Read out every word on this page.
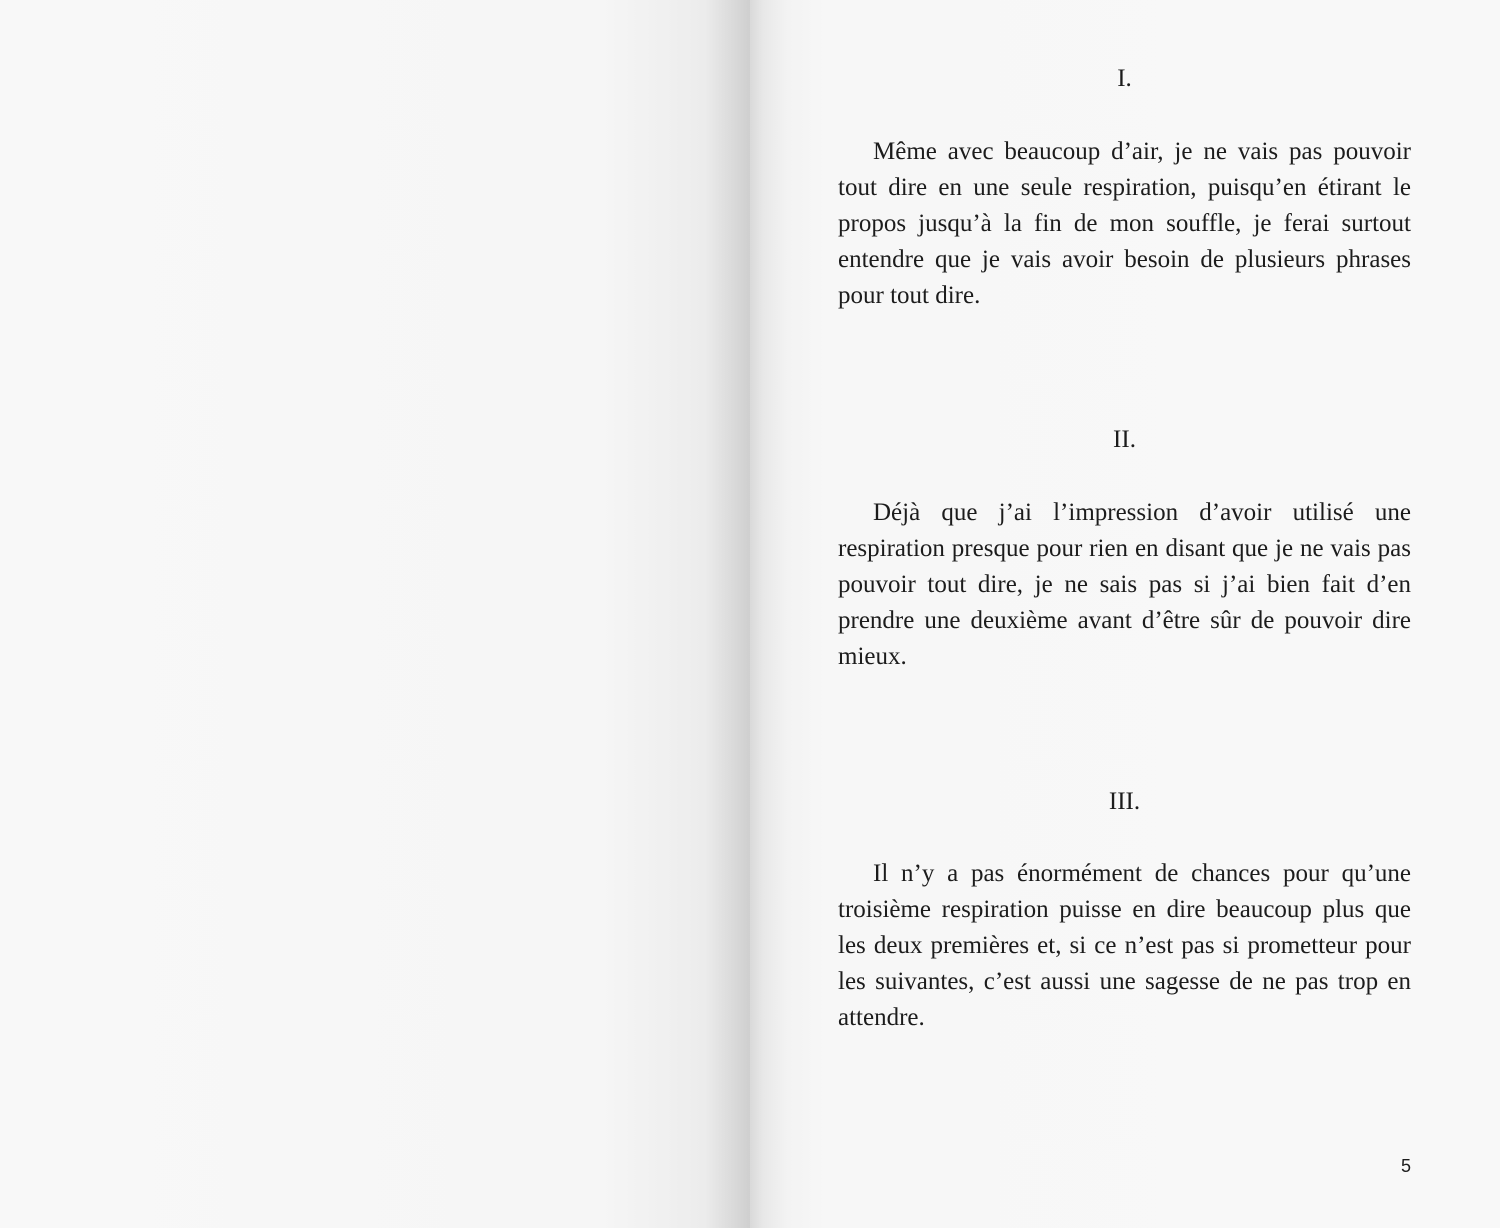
I.

Même avec beaucoup d’air, je ne vais pas pouvoir tout dire en une seule respiration, puisqu’en étirant le propos jusqu’à la fin de mon souffle, je ferai surtout entendre que je vais avoir besoin de plusieurs phrases pour tout dire.

II.

Déjà que j’ai l’impression d’avoir utilisé une respiration presque pour rien en disant que je ne vais pas pouvoir tout dire, je ne sais pas si j’ai bien fait d’en prendre une deuxième avant d’être sûr de pouvoir dire mieux.

III.

Il n’y a pas énormément de chances pour qu’une troisième respiration puisse en dire beaucoup plus que les deux premières et, si ce n’est pas si prometteur pour les suivantes, c’est aussi une sagesse de ne pas trop en attendre.

5
